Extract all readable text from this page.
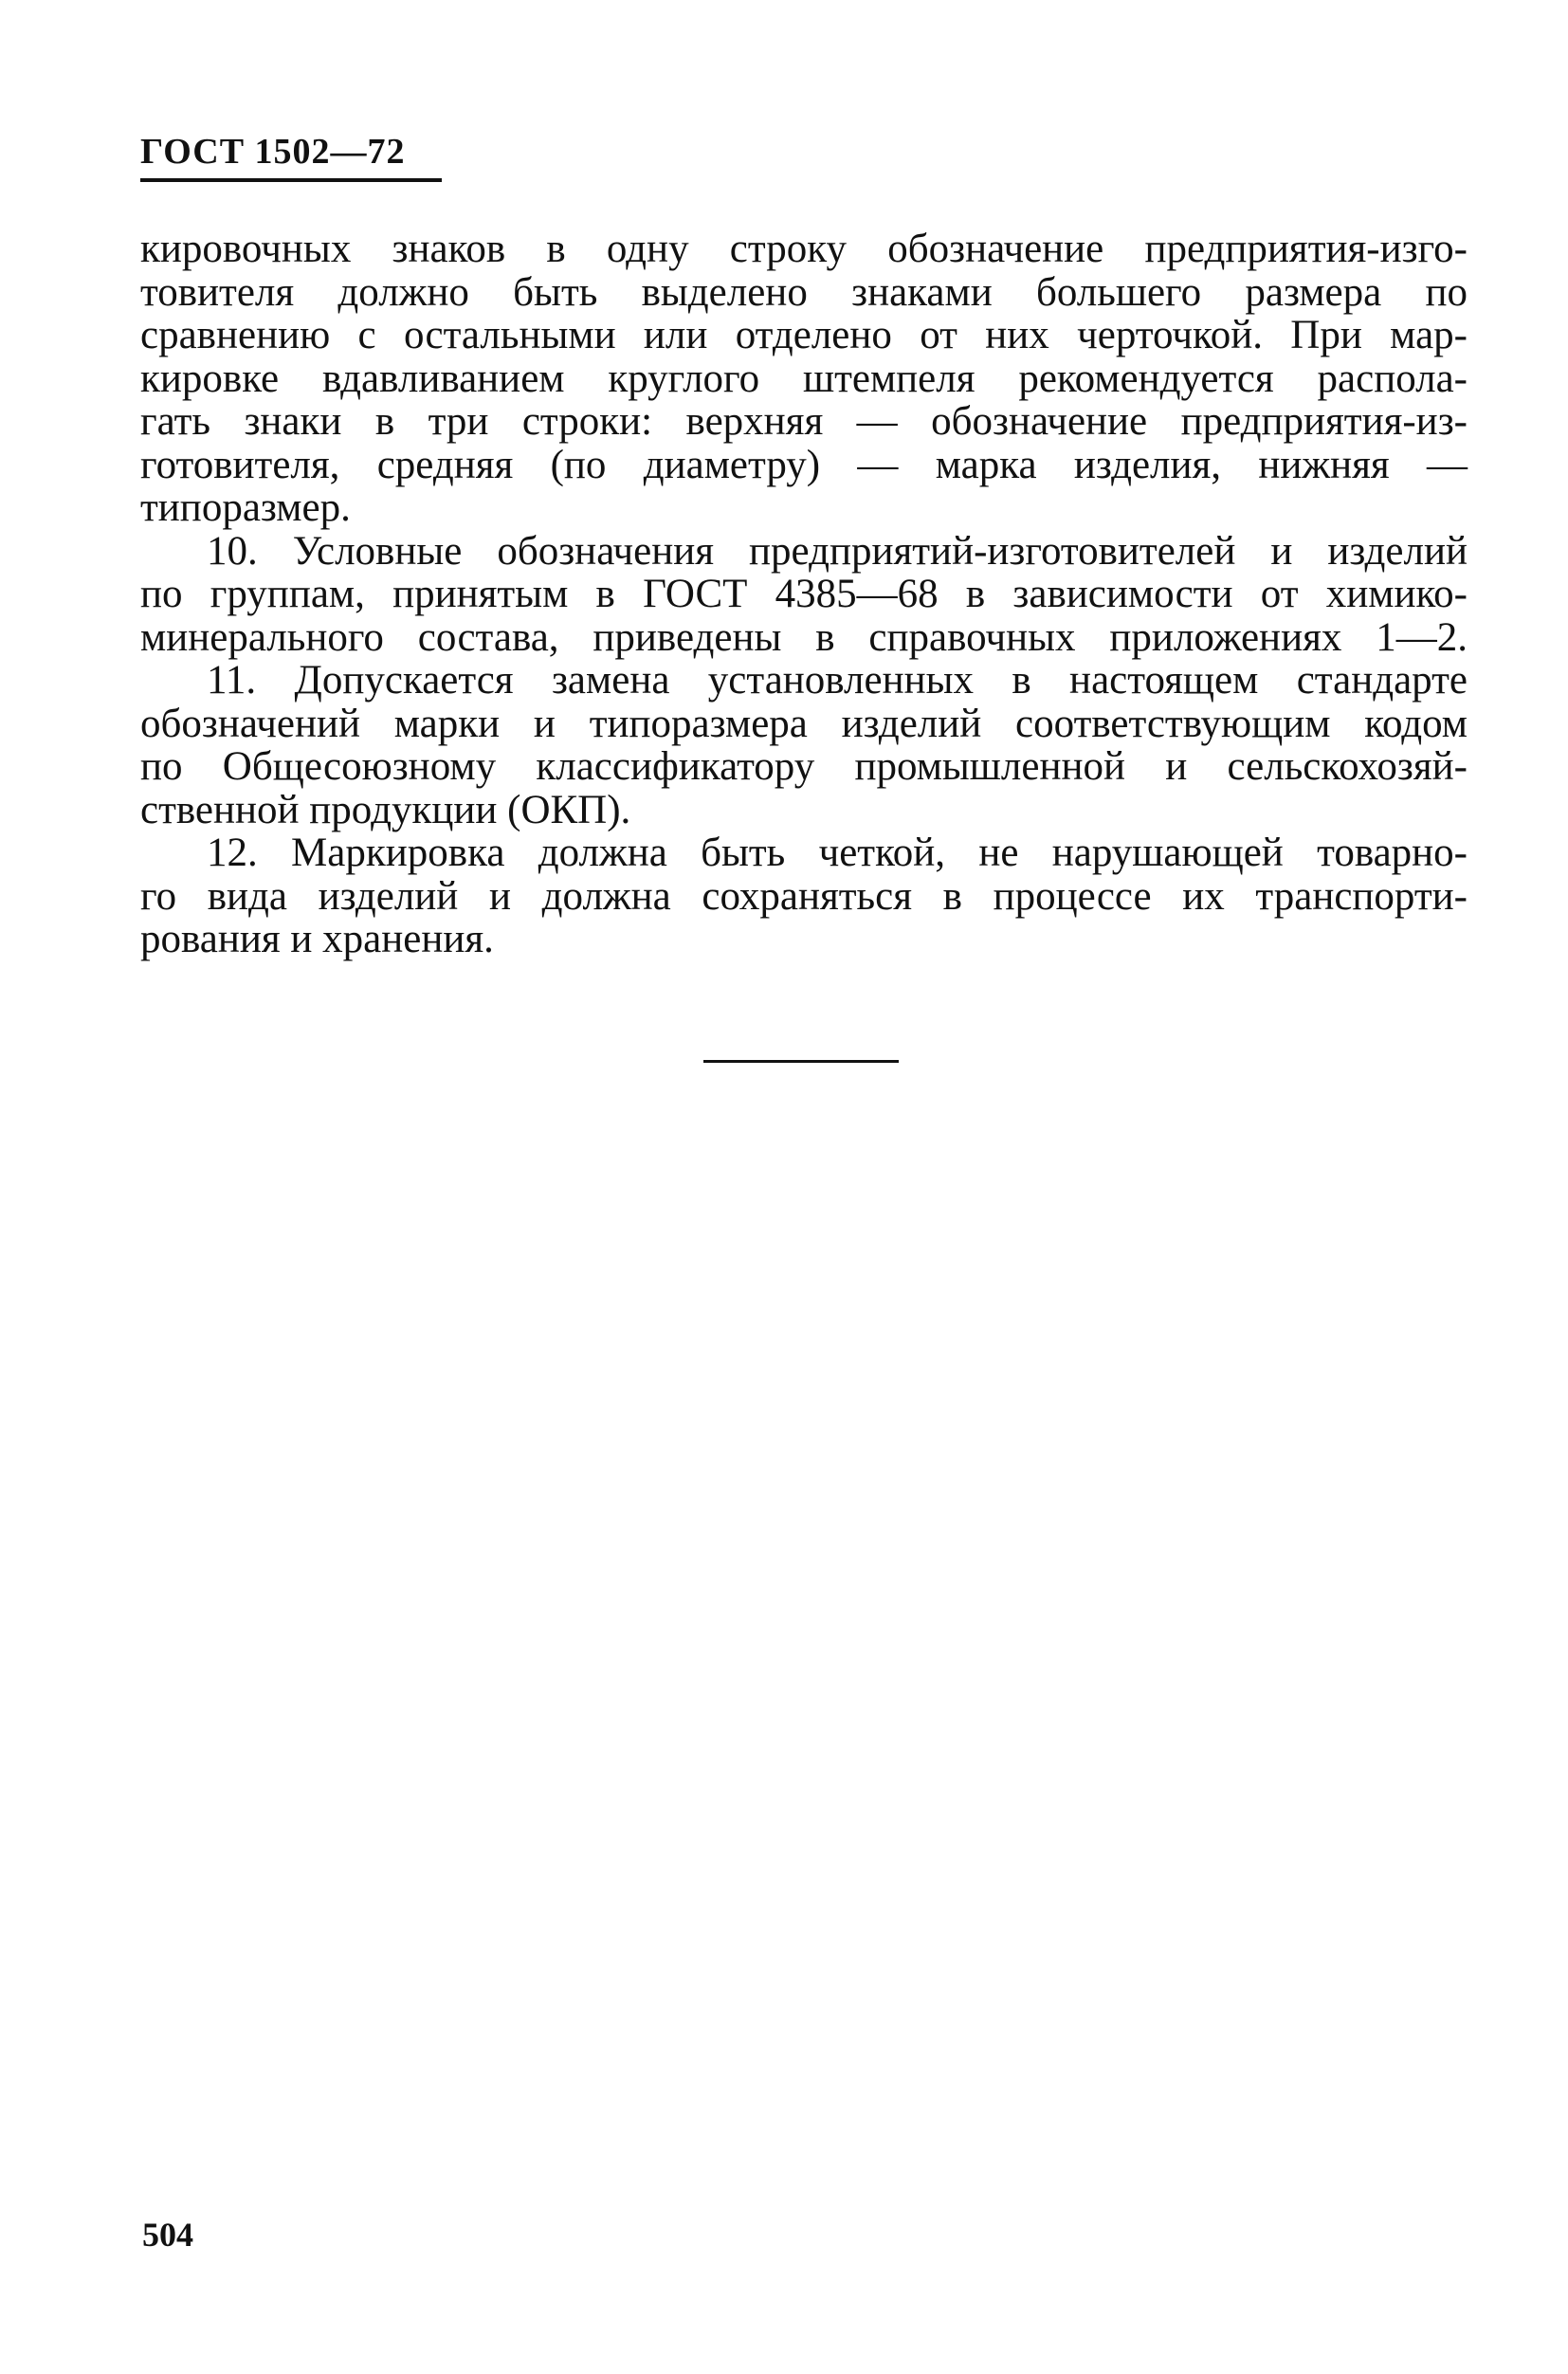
ГОСТ 1502—72
кировочных знаков в одну строку обозначение предприятия-изго-
товителя должно быть выделено знаками большего размера по
сравнению с остальными или отделено от них черточкой. При мар-
кировке вдавливанием круглого штемпеля рекомендуется распола-
гать знаки в три строки: верхняя — обозначение предприятия-из-
готовителя, средняя (по диаметру) — марка изделия, нижняя —
типоразмер.
10. Условные обозначения предприятий-изготовителей и изделий
по группам, принятым в ГОСТ 4385—68 в зависимости от химико-
минерального состава, приведены в справочных приложениях 1—2.
11. Допускается замена установленных в настоящем стандарте
обозначений марки и типоразмера изделий соответствующим кодом
по Общесоюзному классификатору промышленной и сельскохозяй-
ственной продукции (ОКП).
12. Маркировка должна быть четкой, не нарушающей товарно-
го вида изделий и должна сохраняться в процессе их транспорти-
рования и хранения.
504
